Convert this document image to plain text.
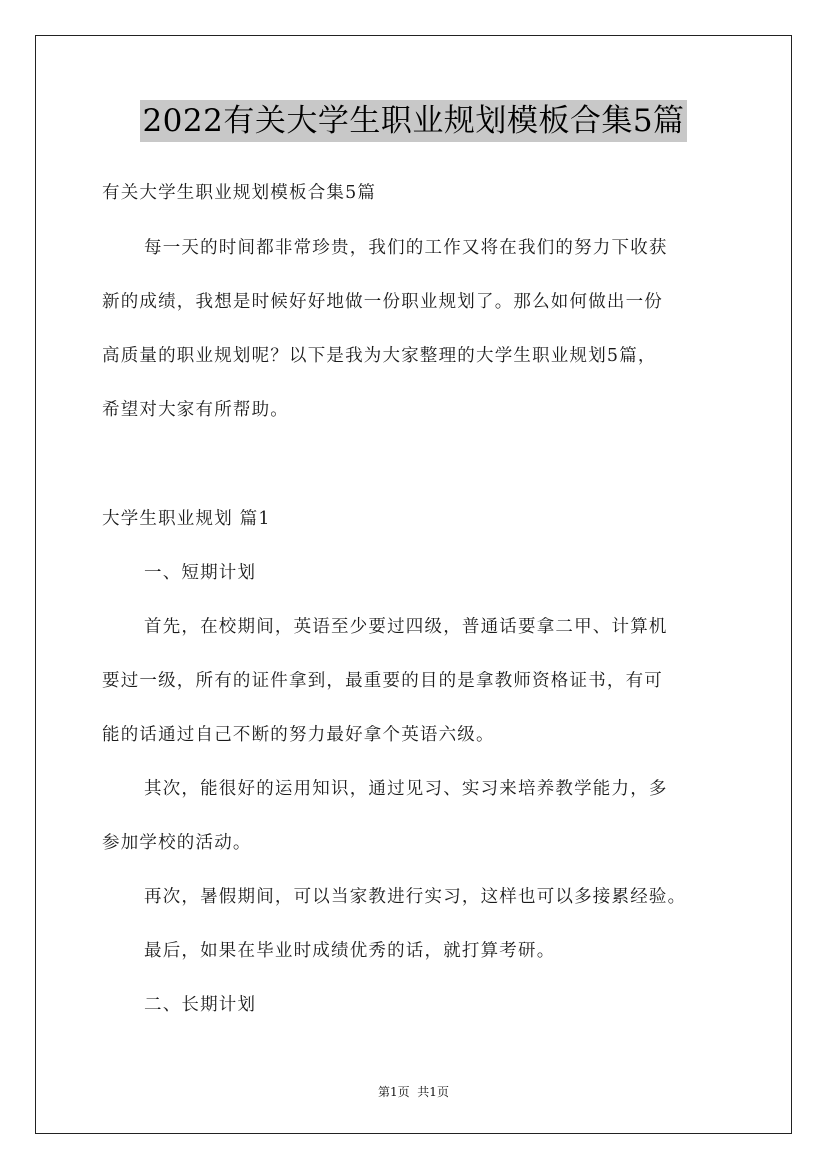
2022有关大学生职业规划模板合集5篇
有关大学生职业规划模板合集5篇
每一天的时间都非常珍贵，我们的工作又将在我们的努力下收获
新的成绩，我想是时候好好地做一份职业规划了。那么如何做出一份
高质量的职业规划呢？以下是我为大家整理的大学生职业规划5篇，
希望对大家有所帮助。
大学生职业规划 篇1
一、短期计划
首先，在校期间，英语至少要过四级，普通话要拿二甲、计算机
要过一级，所有的证件拿到，最重要的目的是拿教师资格证书，有可
能的话通过自己不断的努力最好拿个英语六级。
其次，能很好的运用知识，通过见习、实习来培养教学能力，多
参加学校的活动。
再次，暑假期间，可以当家教进行实习，这样也可以多接累经验。
最后，如果在毕业时成绩优秀的话，就打算考研。
二、长期计划
第1页  共1页
